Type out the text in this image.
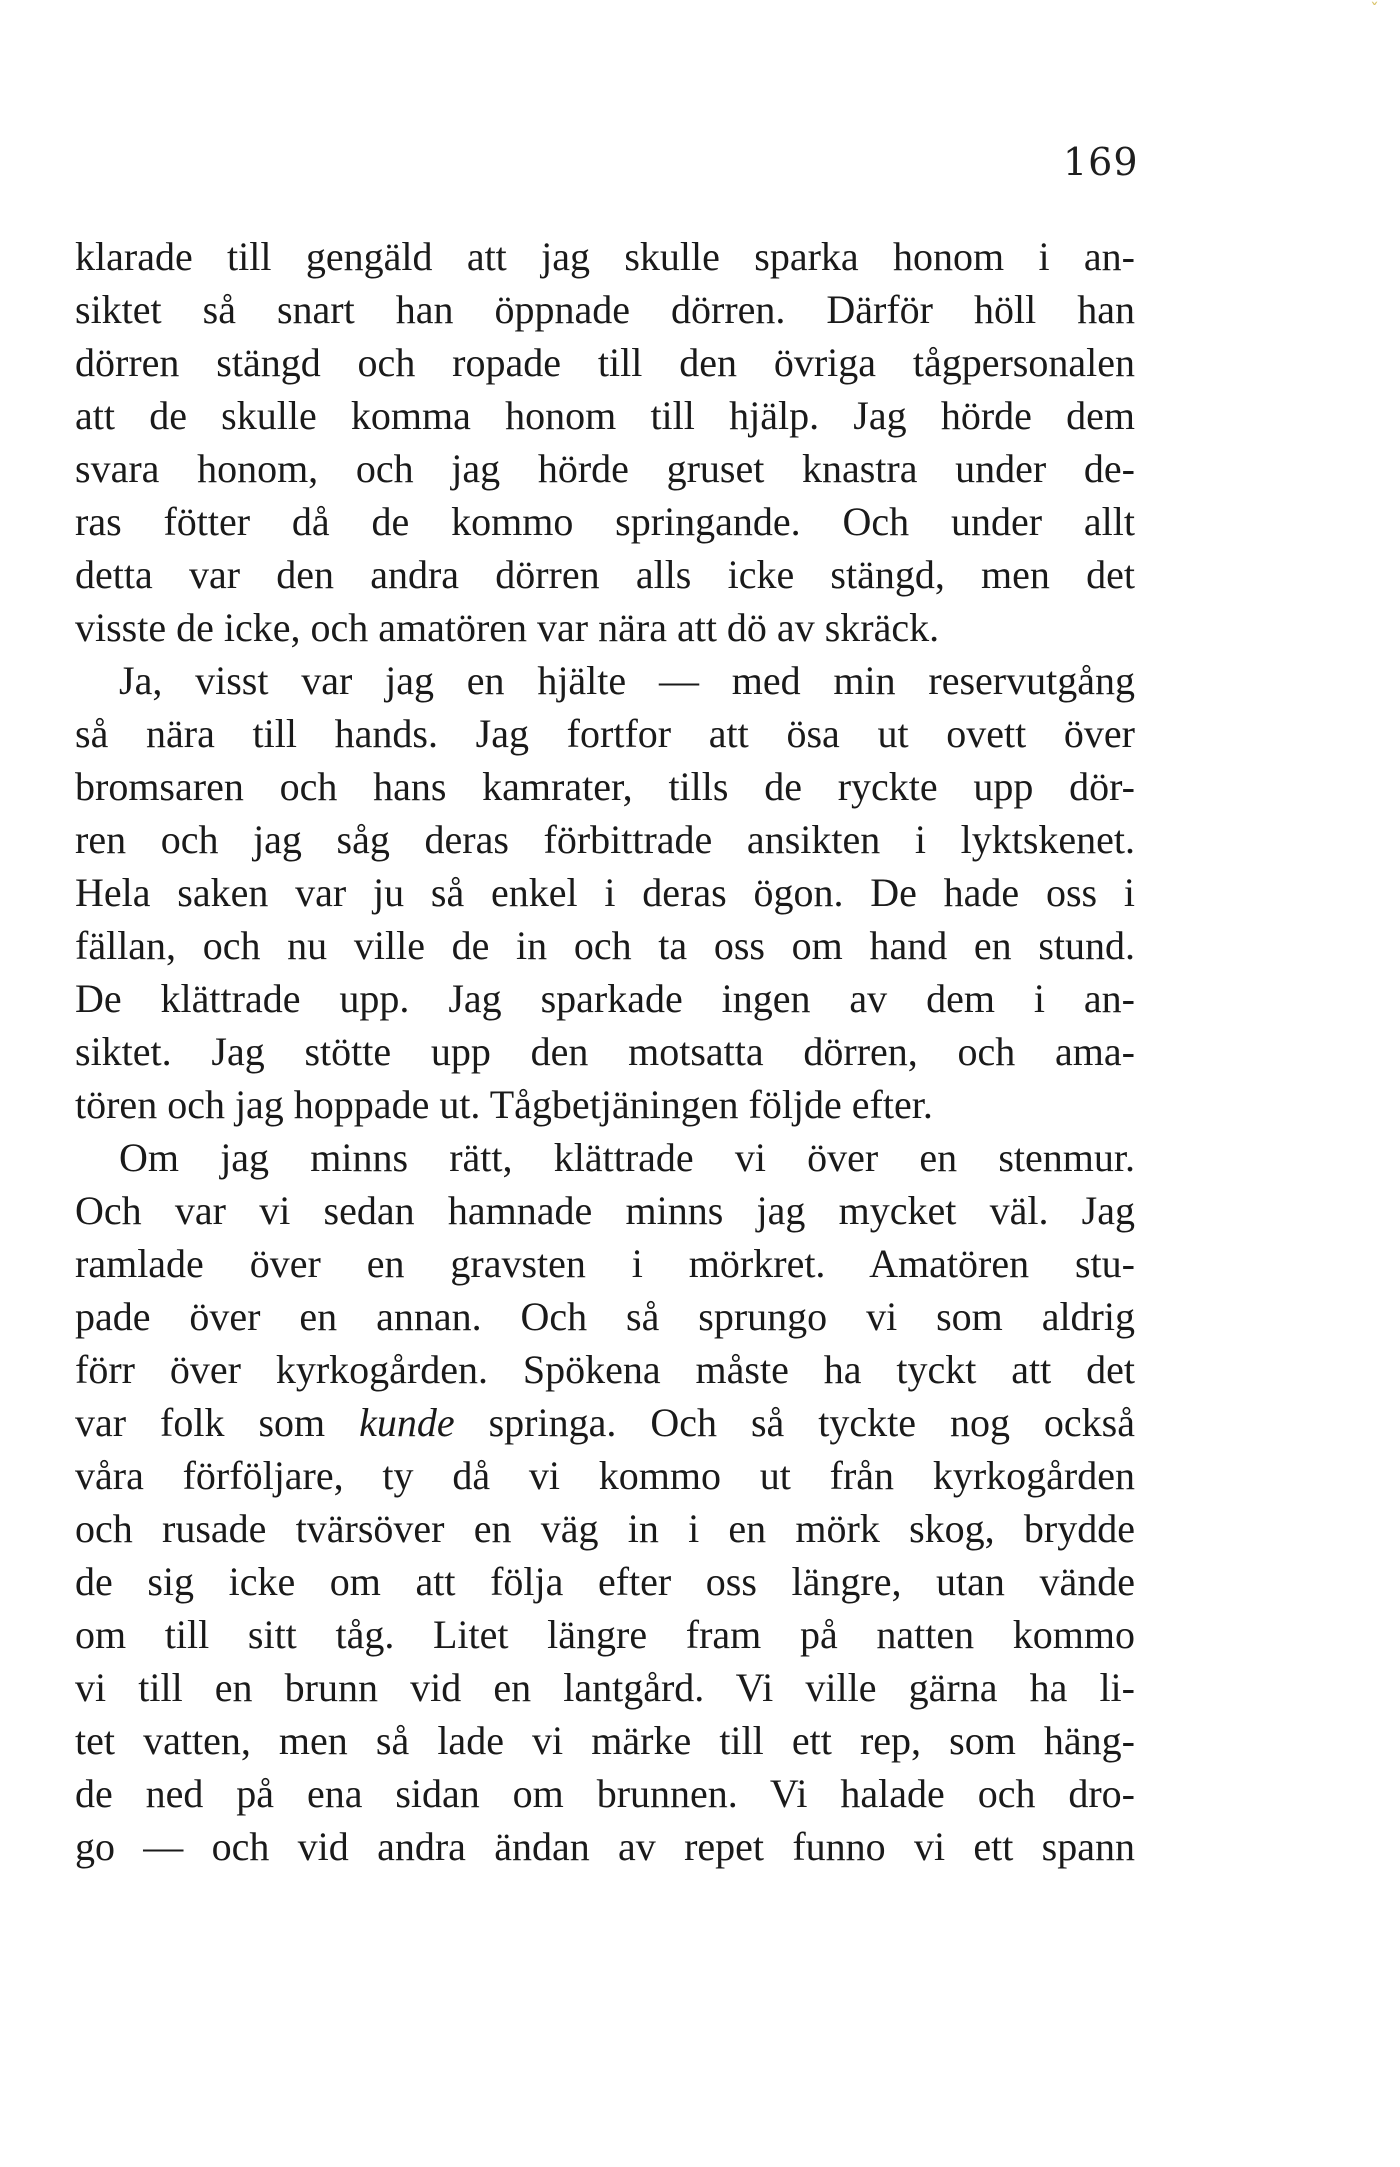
ˇ
169
klarade till gengäld att jag skulle sparka honom i an-
siktet så snart han öppnade dörren. Därför höll han
dörren stängd och ropade till den övriga tågpersonalen
att de skulle komma honom till hjälp. Jag hörde dem
svara honom, och jag hörde gruset knastra under de-
ras fötter då de kommo springande. Och under allt
detta var den andra dörren alls icke stängd, men det
visste de icke, och amatören var nära att dö av skräck.
Ja, visst var jag en hjälte — med min reservutgång
så nära till hands. Jag fortfor att ösa ut ovett över
bromsaren och hans kamrater, tills de ryckte upp dör-
ren och jag såg deras förbittrade ansikten i lyktskenet.
Hela saken var ju så enkel i deras ögon. De hade oss i
fällan, och nu ville de in och ta oss om hand en stund.
De klättrade upp. Jag sparkade ingen av dem i an-
siktet. Jag stötte upp den motsatta dörren, och ama-
tören och jag hoppade ut. Tågbetjäningen följde efter.
Om jag minns rätt, klättrade vi över en stenmur.
Och var vi sedan hamnade minns jag mycket väl. Jag
ramlade över en gravsten i mörkret. Amatören stu-
pade över en annan. Och så sprungo vi som aldrig
förr över kyrkogården. Spökena måste ha tyckt att det
var folk som kunde springa. Och så tyckte nog också
våra förföljare, ty då vi kommo ut från kyrkogården
och rusade tvärsöver en väg in i en mörk skog, brydde
de sig icke om att följa efter oss längre, utan vände
om till sitt tåg. Litet längre fram på natten kommo
vi till en brunn vid en lantgård. Vi ville gärna ha li-
tet vatten, men så lade vi märke till ett rep, som häng-
de ned på ena sidan om brunnen. Vi halade och dro-
go — och vid andra ändan av repet funno vi ett spann
